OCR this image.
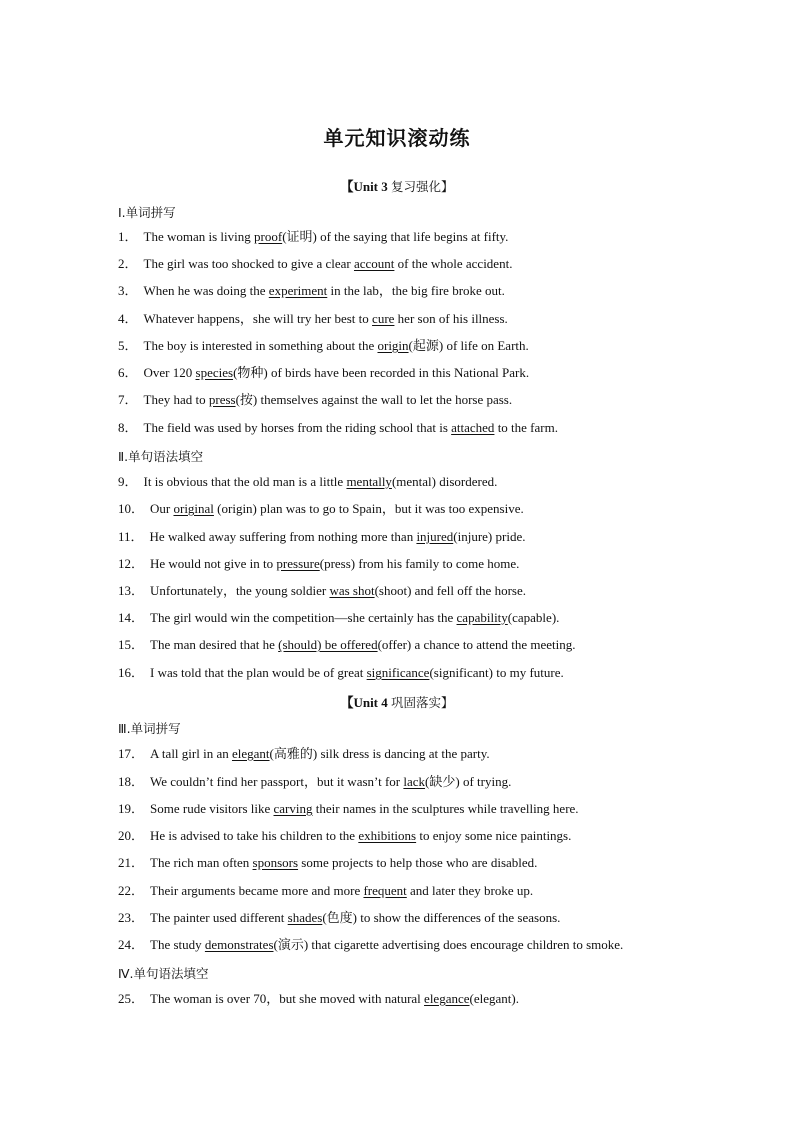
单元知识滚动练
【Unit 3 复习强化】
Ⅰ.单词拼写
1． The woman is living proof(证明) of the saying that life begins at fifty.
2． The girl was too shocked to give a clear account of the whole accident.
3． When he was doing the experiment in the lab，the big fire broke out.
4． Whatever happens，she will try her best to cure her son of his illness.
5． The boy is interested in something about the origin(起源) of life on Earth.
6． Over 120 species(物种) of birds have been recorded in this National Park.
7． They had to press(按) themselves against the wall to let the horse pass.
8． The field was used by horses from the riding school that is attached to the farm.
Ⅱ.单句语法填空
9． It is obvious that the old man is a little mentally(mental) disordered.
10． Our original (origin) plan was to go to Spain，but it was too expensive.
11． He walked away suffering from nothing more than injured(injure) pride.
12． He would not give in to pressure(press) from his family to come home.
13． Unfortunately，the young soldier was shot(shoot) and fell off the horse.
14． The girl would win the competition—she certainly has the capability(capable).
15． The man desired that he (should) be offered(offer) a chance to attend the meeting.
16． I was told that the plan would be of great significance(significant) to my future.
【Unit 4 巩固落实】
Ⅲ.单词拼写
17． A tall girl in an elegant(高雅的) silk dress is dancing at the party.
18． We couldn’t find her passport，but it wasn’t for lack(缺少) of trying.
19． Some rude visitors like carving their names in the sculptures while travelling here.
20． He is advised to take his children to the exhibitions to enjoy some nice paintings.
21． The rich man often sponsors some projects to help those who are disabled.
22． Their arguments became more and more frequent and later they broke up.
23． The painter used different shades(色度) to show the differences of the seasons.
24． The study demonstrates(演示) that cigarette advertising does encourage children to smoke.
Ⅳ.单句语法填空
25． The woman is over 70，but she moved with natural elegance(elegant).
